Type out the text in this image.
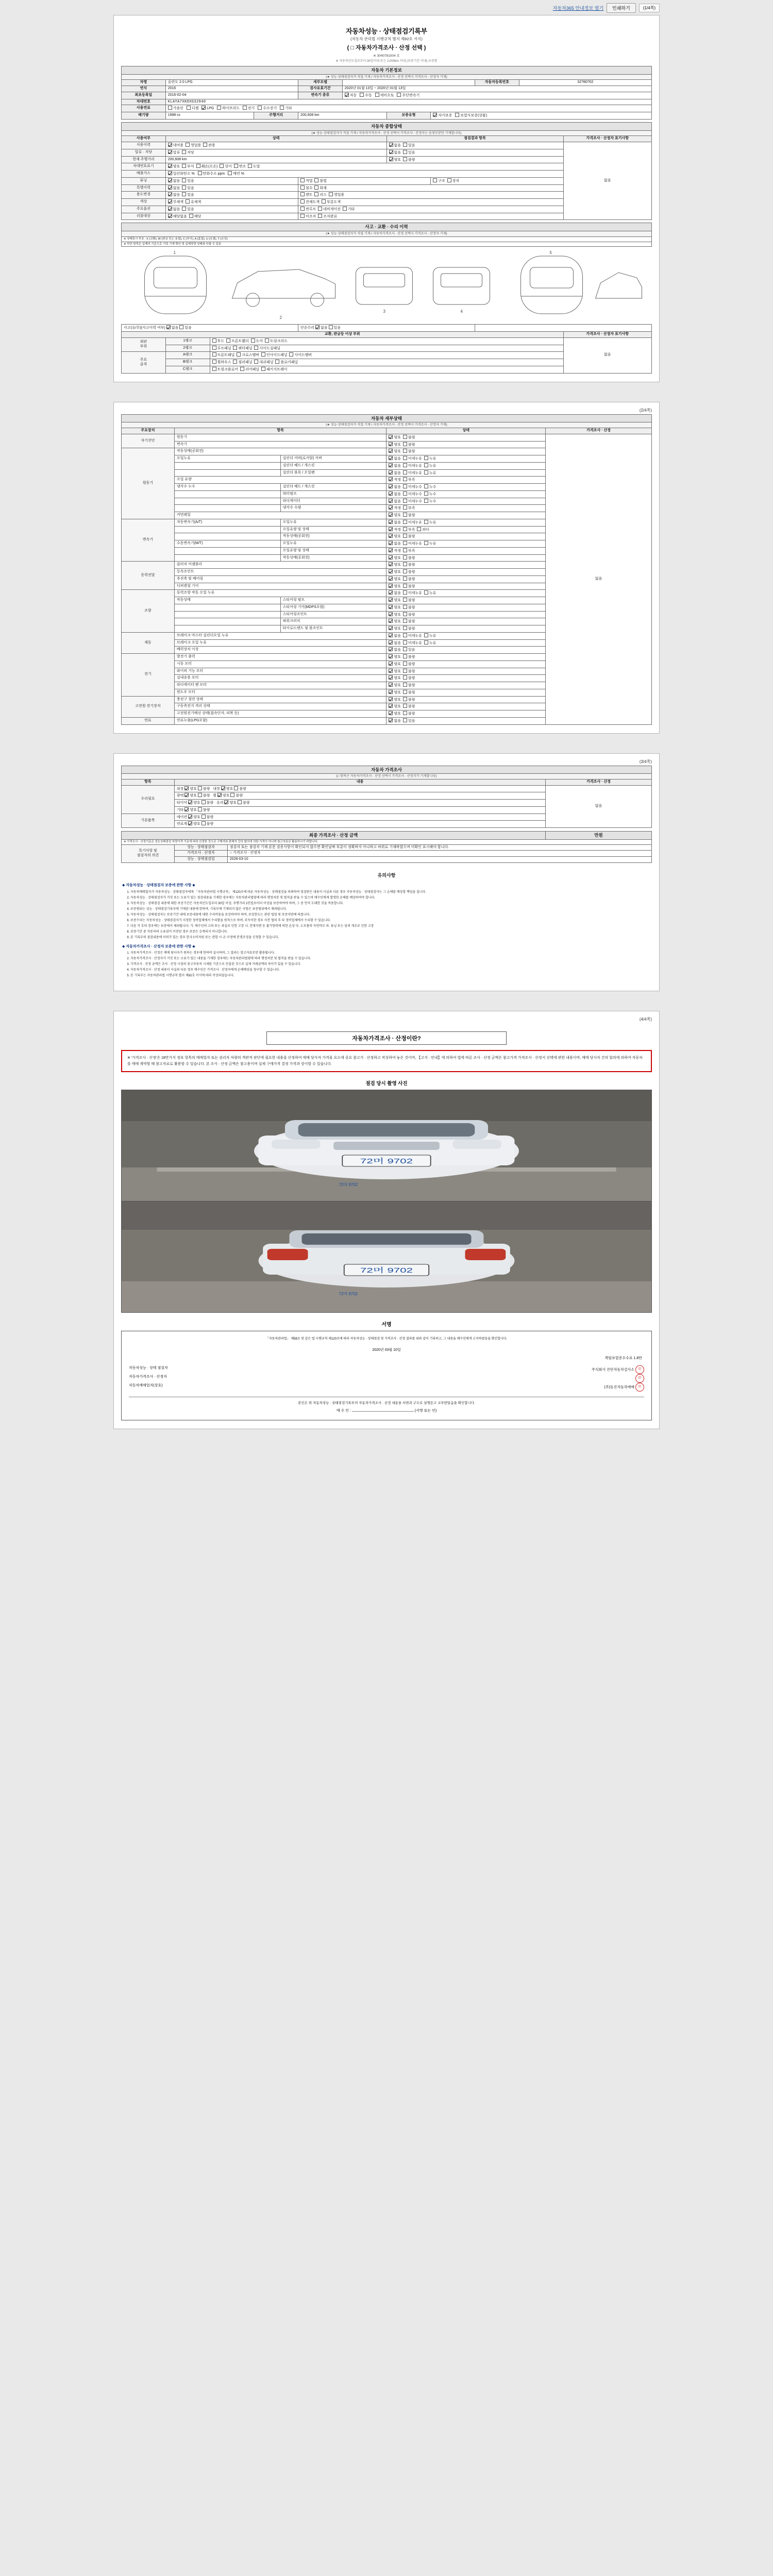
자동차365 안내정보 열기	인쇄하기	(1/4쪽)
자동차성능 · 상태점검기록부
(자동차 관리법 시행규칙 별지 제82호 서식)
( □ 자동차가격조사 · 산정 선택 )
※ 3040781004 호
※ 자동차인도일로부터 30일이내 또는 2,000km 이내 (보증기간 이내) 보증함
자동차 기본정보								
(★ 성능·상태점검자가 직접 기재 / 자동차가격조사 · 산정 선택시 가격조사 · 산정자 기재)								
차명	올란도 2.0 LPG		세부모델				자동차등록번호	32?80?02
연식	2016		검사유효기간	2020년 01월 13일 ~ 2020년 01월 13일				
최초등록일	2016-02-04		변속기 종류	자동 수동 세미오토 무단변속기				
차대번호	KLAYA7XKOXG32940							
사용연료	가솔린 디젤 LPG 하이브리드 전기 수소전기 기타							
배기량	1998 cc	주행거리	200,608 km		보증유형	자가보증 보험사보증(상품)		
자동차 종합상태					
(★ 성능·상태점검자가 직접 기재 / 자동차가격조사 · 산정 선택시 가격조사 · 산정자는 음영부분만 기재합니다)					
사용여부	상태		점검결과 항목		가격조사 · 산정자 표기사항
사용이력	대여용 영업용 관용		없음 있음		없음
압류 · 저당	압류 저당		없음 있음		
현재 주행거리	200,608 km		양호 불량		
차대번호표기	양호 부식 훼손(오손) 상이 변조 도말				
배출가스	일산화탄소 % 탄화수소 ppm 매연 %				
튜닝	없음 있음	적법 불법		구조 장치	
특별이력	없음 있음	침수 화재			
용도변경	없음 있음	렌트 리스 영업용			
색상	무채색 유채색	전체도색 부분도색			
주요옵션	없음 있음	썬루프 네비게이션 기타			
리콜대상	해당없음 해당	미조치 조치완료			
사고 · 교환 · 수리 이력					
(★ 성능·상태점검자가 직접 기재 / 자동차가격조사 · 산정 선택시 가격조사 · 산정자 기재)					
※ 상태표시 부호 : X (교환), W (판금 또는 용접), C (부식), A (흠집), U (요철), T (손상)					
※ 하단 항목은 실제의 기준으로 기록 기재 확인 및 실제차량 상태와 다를 수 있음					

1
2
3 4
5					

사고(유/무)(사고이력 여부) 없음 있음			단순수리 없음 있음		
교환, 판금등 이상 부위					가격조사 · 산정자 표기사항
외판
부위	1랭크	후드 프론트휀더 도어 트렁크리드			없음
	2랭크	루프패널 쿼터패널 사이드실패널			
주요
골격	A랭크	프론트패널 크로스멤버 인사이드패널 사이드멤버			
	B랭크	휠하우스 필러패널 대쉬패널 플로어패널			
	C랭크	트렁크플로어 리어패널 패키지트레이			
(2/4쪽)
자동차 세부상태				
(★ 성능·상태점검자가 직접 기재 / 자동차가격조사 · 산정 선택시 가격조사 · 산정자 기재)				
주요장치	항목		상태	가격조사 · 산정
자기진단	원동기		양호 불량	없음
	변속기		양호 불량	
원동기	작동상태(공회전)		양호 불량	
	오일누유	실린더 커버(로커암) 커버	없음 미세누유 누유	
		실린더 헤드 / 개스킷	없음 미세누유 누유	
		실린더 블록 / 오일팬	없음 미세누유 누유	
	오일 유량		적정 부족	
	냉각수 누수	실린더 헤드 / 개스킷	없음 미세누수 누수	
		워터펌프	없음 미세누수 누수	
		라디에이터	없음 미세누수 누수	
		냉각수 수량	적정 부족	
	커먼레일		양호 불량	
변속기	자동변속기(A/T)	오일누유	없음 미세누유 누유	
		오일유량 및 상태	적정 부족 과다	
		작동상태(공회전)	양호 불량	
	수동변속기(M/T)	오일누유	없음 미세누유 누유	
		오일유량 및 상태	적정 부족	
		작동상태(공회전)	양호 불량	
동력전달	클러치 어셈블리		양호 불량	
	등속조인트		양호 불량	
	추진축 및 베어링		양호 불량	
	디퍼렌셜 기어		양호 불량	
조향	동력조향 작동 오일 누유		없음 미세누유 누유	
	작동상태	스티어링 펌프	양호 불량	
		스티어링 기어(MDPS포함)	양호 불량	
		스티어링조인트	양호 불량	
		파워크러치	양호 불량	
		타이로드엔드 및 볼조인트	양호 불량	
제동	브레이크 마스터 실린더오일 누유		없음 미세누유 누유	
	브레이크 오일 누유		없음 미세누유 누유	
	배력장치 이상		없음 있음	
전기	발전기 출력		양호 불량	
	시동 모터		양호 불량	
	와이퍼 기능 모터		양호 불량	
	실내송풍 모터		양호 불량	
	라디에이터 팬 모터		양호 불량	
	윈도우 모터		양호 불량	
고전원 전기장치	충전구 절연 상태		양호 불량	
	구동축전지 격리 상태		양호 불량	
	고전원전기배선 상태(접속단자, 피복 등)		양호 불량	
연료	연료누출(LPG포함)		없음 있음	
(3/4쪽)
자동차 가격조사		
(□ 항목은 자동차가격조사 · 산정 선택시 가격조사 · 산정자가 기재합니다)		
항목	내용	가격조사 · 산정
수리필요	외장 양호 불량 내장 양호 불량	없음
	광택 양호 불량 휠 양호 불량	
	타이어 양호 불량 유리 양호 불량	
	기타 양호 불량	
기본품목	에어컨 양호 불량	
	연료계 양호 불량	
최종 가격조사 · 산정 금액			만원
※ 가격조사 · 산정기준은 성능상태점검 차량가격 기준에 따라 산정한 것으로 구매자와 판매자 간의 합의에 의한 가격이 아니며 참고자료로 활용하시기 바랍니다.			
특기사항 및
점검자의 의견	성능 · 상태점검자	점검자 또는 점검자 기재 본문 검증사항이 확인되지 않으면 확인날짜 부분이 정확하지 아니하고 허위로 기재하였으며 미확인 표시해야 합니다.	
	가격조사 · 산정자	○ 가격조사 · 산정자	
	성능 · 상태점검일	2026-03-10	
유의사항
◆ 자동차성능 · 상태점검자 보증에 관한 사항 ◆
1. 자동차매매업자가 자동차성능 · 상태점검자에게 「자동차관리법 시행규칙」 제120조에 따른 자동차성능 · 상태점검을 의뢰하여 점검받은 내용이 사실과 다른 경우 자동차성능 · 상태점검자는 그 손해를 배상할 책임을 집니다.
2. 자동차성능 · 상태점검자가 거짓 또는 오류가 있는 점검내용을 기재한 경우에는 자동차관리법령에 따라 행정처분 및 벌칙을 받을 수 있으며 매수인에게 발생한 손해를 배상하여야 합니다.
3. 자동차성능 · 상태점검 내용에 대한 보증기간은 자동차인도일부터 30일 이상, 주행거리 2천킬로미터 이상을 보증하여야 하며, 그 중 먼저 도래한 것을 적용합니다.
4. 보증범위는 성능 · 상태점검기록부에 기재된 내용에 한하며, 기록부에 기재되지 않은 사항은 보증범위에서 제외됩니다.
5. 자동차성능 · 상태점검자는 보증기간 내에 보증내용에 대한 수리비용을 보상하여야 하며, 보상한도는 관련 법령 및 보증약관에 따릅니다.
6. 보증수리는 자동차성능 · 상태점검자가 지정한 정비업체에서 수리함을 원칙으로 하며, 부득이한 경우 사전 협의 후 타 정비업체에서 수리할 수 있습니다.
7. 다음 각 호의 경우에는 보증에서 제외됩니다. 가. 매수인의 고의 또는 과실로 인한 고장 나. 천재지변 등 불가항력에 의한 손상 다. 소모품의 자연마모 라. 튜닝 또는 임의 개조로 인한 고장
8. 보증기간 중 자동차의 소유권이 이전된 경우 보증은 승계되지 아니합니다.
9. 본 기록부의 점검내용에 이의가 있는 경우 한국소비자원 또는 관할 시·군·구청에 분쟁조정을 신청할 수 있습니다.
◆ 자동차가격조사 · 산정자 보증에 관한 사항 ◆
1. 자동차가격조사 · 산정은 매매 당사자가 원하는 경우에 한하여 실시하며, 그 결과는 참고자료로만 활용됩니다.
2. 자동차가격조사 · 산정자가 거짓 또는 오류가 있는 내용을 기재한 경우에는 자동차관리법령에 따라 행정처분 및 벌칙을 받을 수 있습니다.
3. 가격조사 · 산정 금액은 조사 · 산정 시점의 중고자동차 시세를 기준으로 산출된 것으로 실제 거래금액과 차이가 있을 수 있습니다.
4. 자동차가격조사 · 산정 내용이 사실과 다른 경우 매수인은 가격조사 · 산정자에게 손해배상을 청구할 수 있습니다.
5. 본 기록부는 자동차관리법 시행규칙 별지 제82호 서식에 따라 작성되었습니다.
(4/4쪽)
자동차가격조사 · 산정이란?
※ '가격조사 · 산정'은 18만가지 정보 항목의 매매업자 또는 권리자 차량의 객관적 판단에 필요한 내용을 산정하여 매매 당사자 가격을 요소에 중요 참고가 · 산정하고 작성하여 놓은 것이며, 【고지 · 안내】에 의하여 법에 따른 조사 · 산정 금액은 참고가격 가격조사 · 산정서 선택에 관한 내용이며, 매매 당사자 간의 합의에 의하여 자동차를 매매 계약할 때 참고자료로 활용할 수 있습니다. 본 조사 · 산정 금액은 참고용이며 실제 구매가격 결정 가격과 상이할 수 있습니다.
점검 당시 촬영 사진
72머 9702
72머 9702
72머 9702
72머 9702
서명
「자동차관리법」 제58조 및 같은 법 시행규칙 제120조에 따라 자동차성능 · 상태점검 및 가격조사 · 산정 결과를 위와 같이 기록하고, 그 내용을 매수인에게 고지하였음을 확인합니다.
2020년 03월 10일
책임보험증수수료 1.8만
자동차성능 · 상태 점검자	주식회사 진안자동차검사소 印
자동차가격조사 · 산정자	印
자동차매매업자(상호)	(주)동진자동차매매 印
본인은 위 자동차성능 · 상태점검기록부의 자동차가격조사 · 산정 내용을 서면과 구두로 설명듣고 교부받았음을 확인합니다.
매 수 인 :	(서명 또는 인)
